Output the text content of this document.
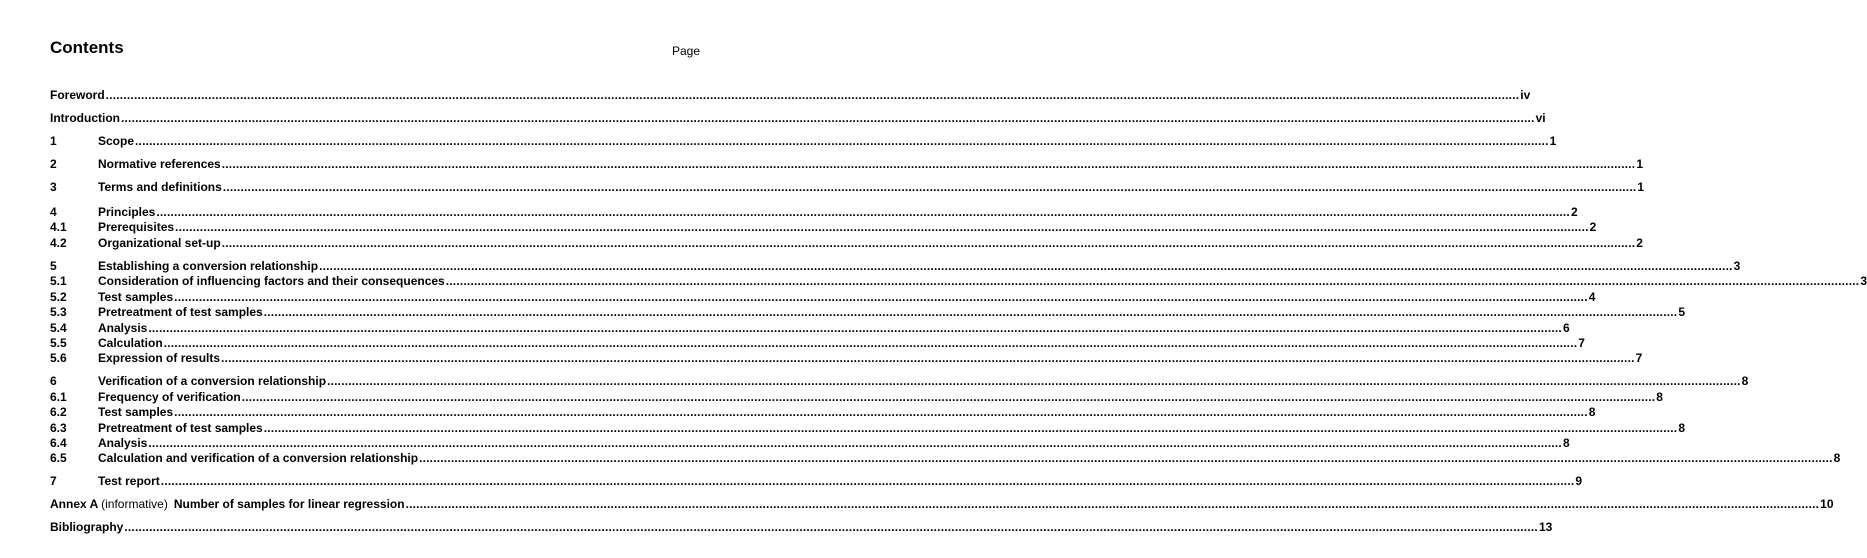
Contents	Page
Foreword ................................................................................................................................................................................................................................................................................................................................................................................................................ iv
Introduction ................................................................................................................................................................................................................................................................................................................................................................................................................ vi
1	Scope ................................................................................................................................................................................................................................................................................................................................................................................................................ 1
2	Normative references ................................................................................................................................................................................................................................................................................................................................................................................................................ 1
3	Terms and definitions ................................................................................................................................................................................................................................................................................................................................................................................................................ 1
4	Principles ................................................................................................................................................................................................................................................................................................................................................................................................................ 2
4.1	Prerequisites ................................................................................................................................................................................................................................................................................................................................................................................................................ 2
4.2	Organizational set-up ................................................................................................................................................................................................................................................................................................................................................................................................................ 2
5	Establishing a conversion relationship ................................................................................................................................................................................................................................................................................................................................................................................................................ 3
5.1	Consideration of influencing factors and their consequences ................................................................................................................................................................................................................................................................................................................................................................................................................ 3
5.2	Test samples ................................................................................................................................................................................................................................................................................................................................................................................................................ 4
5.3	Pretreatment of test samples ................................................................................................................................................................................................................................................................................................................................................................................................................ 5
5.4	Analysis ................................................................................................................................................................................................................................................................................................................................................................................................................ 6
5.5	Calculation ................................................................................................................................................................................................................................................................................................................................................................................................................ 7
5.6	Expression of results ................................................................................................................................................................................................................................................................................................................................................................................................................ 7
6	Verification of a conversion relationship ................................................................................................................................................................................................................................................................................................................................................................................................................ 8
6.1	Frequency of verification ................................................................................................................................................................................................................................................................................................................................................................................................................ 8
6.2	Test samples ................................................................................................................................................................................................................................................................................................................................................................................................................ 8
6.3	Pretreatment of test samples ................................................................................................................................................................................................................................................................................................................................................................................................................ 8
6.4	Analysis ................................................................................................................................................................................................................................................................................................................................................................................................................ 8
6.5	Calculation and verification of a conversion relationship ................................................................................................................................................................................................................................................................................................................................................................................................................ 8
7	Test report ................................................................................................................................................................................................................................................................................................................................................................................................................ 9
Annex A (informative) Number of samples for linear regression ................................................................................................................................................................................................................................................................................................................................................................................................................ 10
Bibliography ................................................................................................................................................................................................................................................................................................................................................................................................................ 13
